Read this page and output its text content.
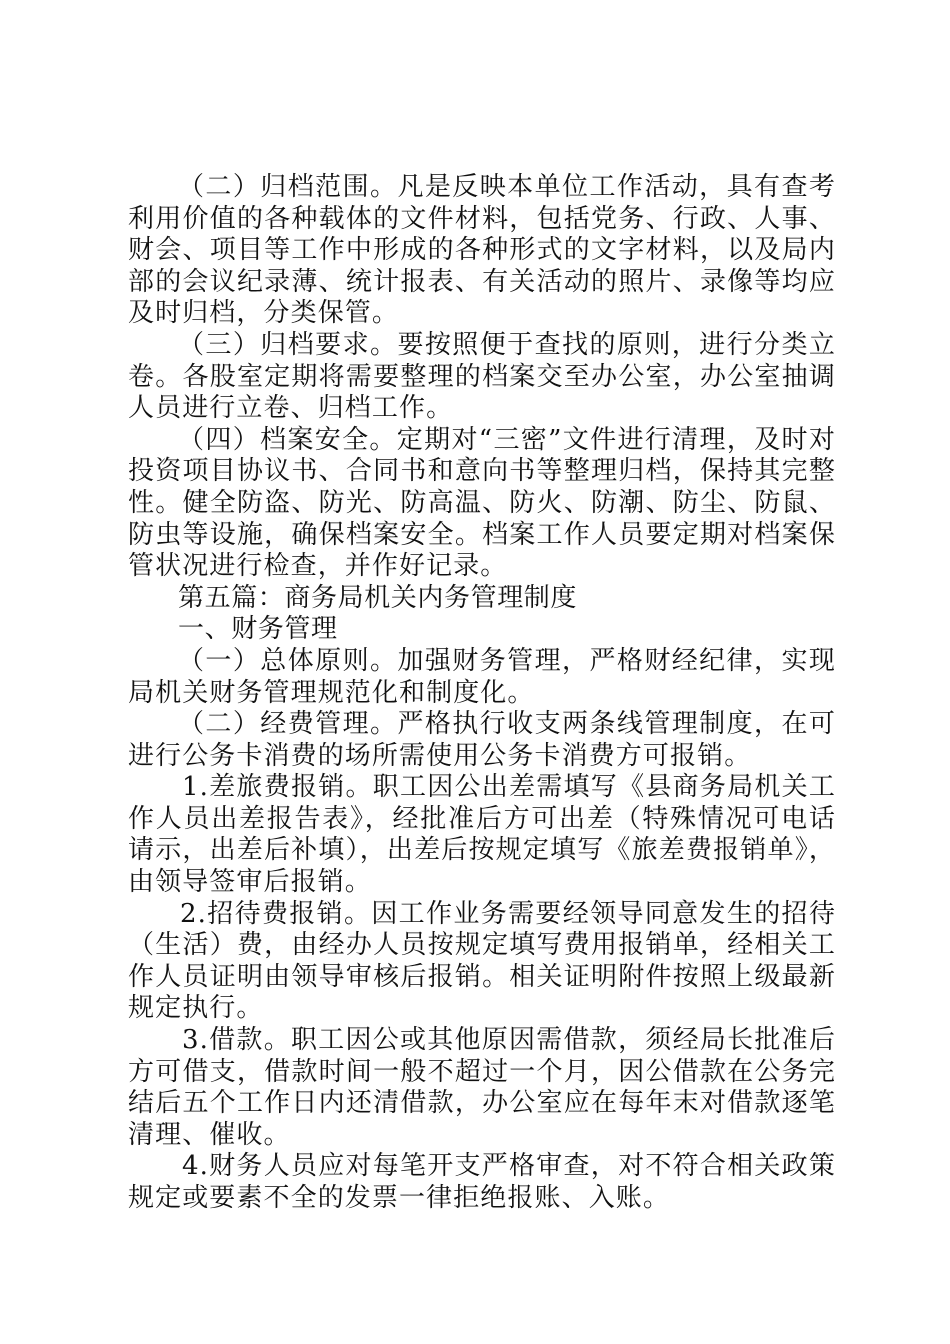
（二）归档范围。凡是反映本单位工作活动，具有查考利用价值的各种载体的文件材料，包括党务、行政、人事、财会、项目等工作中形成的各种形式的文字材料，以及局内部的会议纪录薄、统计报表、有关活动的照片、录像等均应及时归档，分类保管。

（三）归档要求。要按照便于查找的原则，进行分类立卷。各股室定期将需要整理的档案交至办公室，办公室抽调人员进行立卷、归档工作。

（四）档案安全。定期对“三密”文件进行清理，及时对投资项目协议书、合同书和意向书等整理归档，保持其完整性。健全防盗、防光、防高温、防火、防潮、防尘、防鼠、防虫等设施，确保档案安全。档案工作人员要定期对档案保管状况进行检查，并作好记录。

第五篇：商务局机关内务管理制度

一、财务管理

（一）总体原则。加强财务管理，严格财经纪律，实现局机关财务管理规范化和制度化。

（二）经费管理。严格执行收支两条线管理制度，在可进行公务卡消费的场所需使用公务卡消费方可报销。

1.差旅费报销。职工因公出差需填写《县商务局机关工作人员出差报告表》，经批准后方可出差（特殊情况可电话请示，出差后补填），出差后按规定填写《旅差费报销单》，由领导签审后报销。

2.招待费报销。因工作业务需要经领导同意发生的招待（生活）费，由经办人员按规定填写费用报销单，经相关工作人员证明由领导审核后报销。相关证明附件按照上级最新规定执行。

3.借款。职工因公或其他原因需借款，须经局长批准后方可借支，借款时间一般不超过一个月，因公借款在公务完结后五个工作日内还清借款，办公室应在每年末对借款逐笔清理、催收。

4.财务人员应对每笔开支严格审查，对不符合相关政策规定或要素不全的发票一律拒绝报账、入账。
